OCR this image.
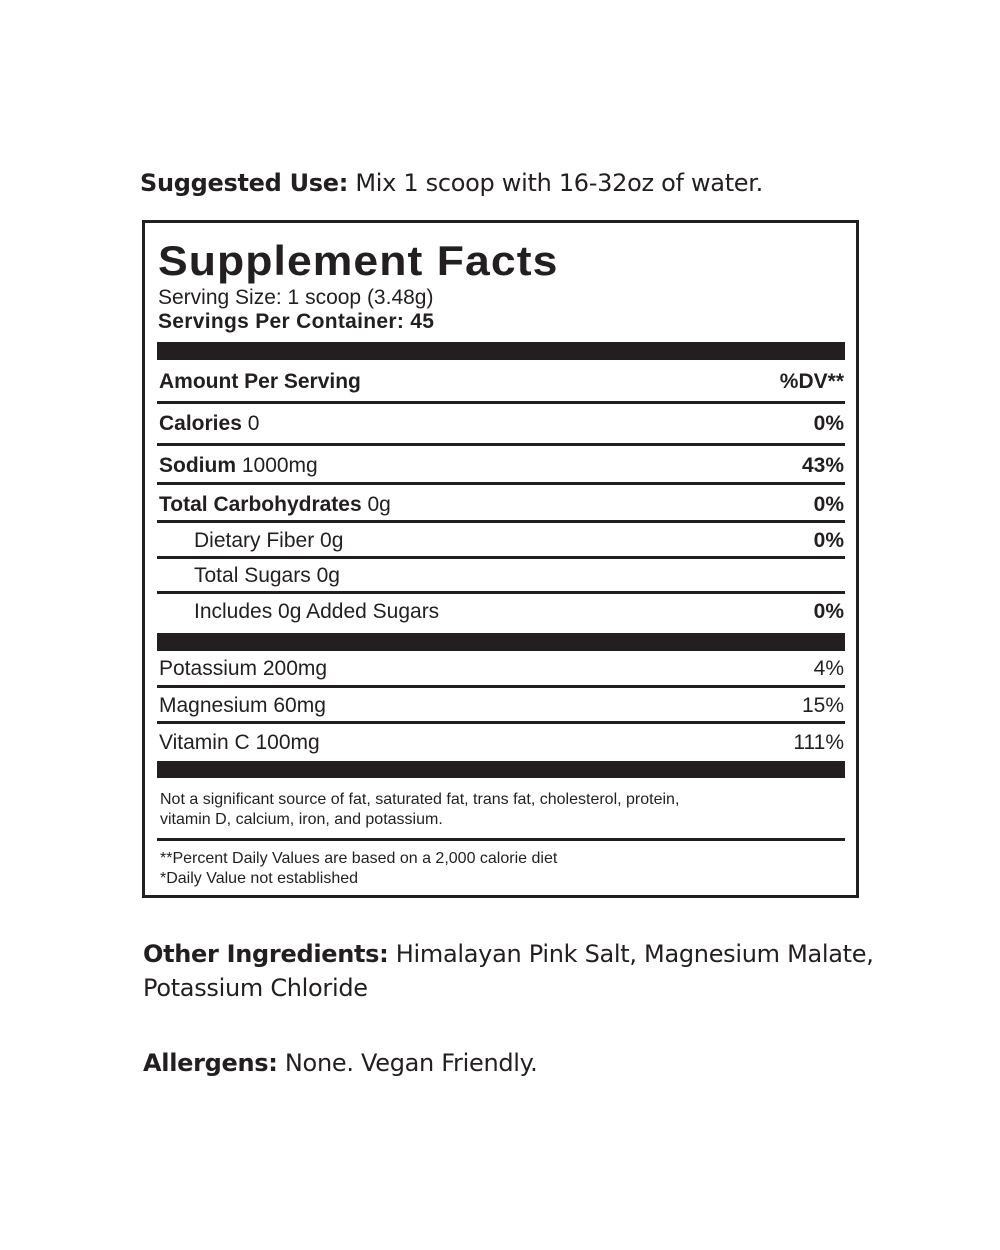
Suggested Use: Mix 1 scoop with 16-32oz of water.
Supplement Facts
Serving Size: 1 scoop (3.48g)
Servings Per Container: 45
Amount Per Serving	%DV**
Calories 0	0%
Sodium 1000mg	43%
Total Carbohydrates 0g	0%
Dietary Fiber 0g	0%
Total Sugars 0g
Includes 0g Added Sugars	0%
Potassium 200mg	4%
Magnesium 60mg	15%
Vitamin C 100mg	111%
Not a significant source of fat, saturated fat, trans fat, cholesterol, protein,
vitamin D, calcium, iron, and potassium.
**Percent Daily Values are based on a 2,000 calorie diet
*Daily Value not established
Other Ingredients: Himalayan Pink Salt, Magnesium Malate, Potassium Chloride
Allergens: None. Vegan Friendly.
